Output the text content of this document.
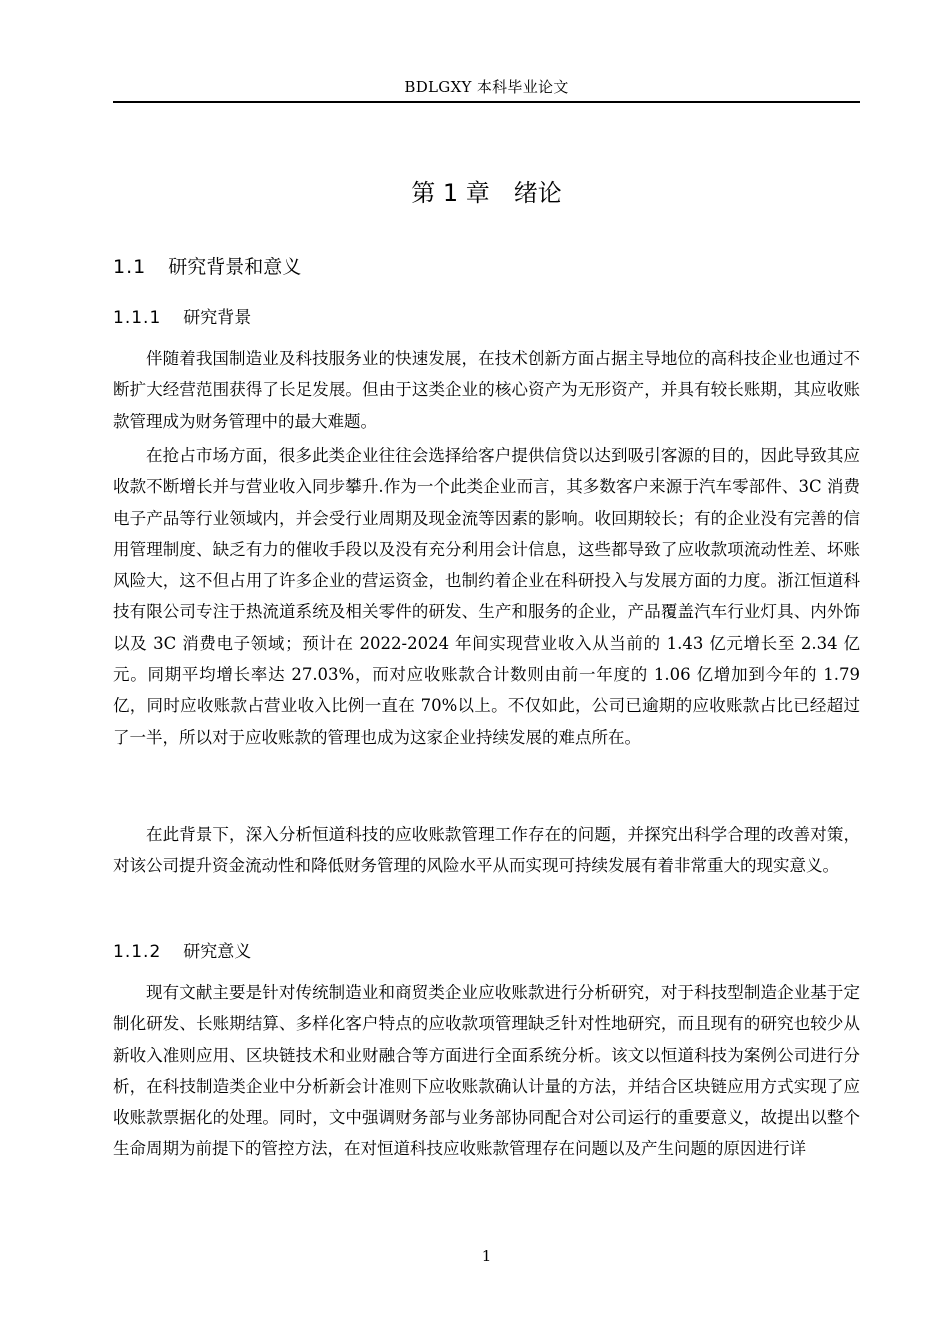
BDLGXY 本科毕业论文
第 1 章　绪论
1.1 研究背景和意义
1.1.1 研究背景

伴随着我国制造业及科技服务业的快速发展，在技术创新方面占据主导地位的高科技企业也通过不断扩大经营范围获得了长足发展。但由于这类企业的核心资产为无形资产，并具有较长账期，其应收账款管理成为财务管理中的最大难题。

在抢占市场方面，很多此类企业往往会选择给客户提供信贷以达到吸引客源的目的，因此导致其应收款不断增长并与营业收入同步攀升.作为一个此类企业而言，其多数客户来源于汽车零部件、3C 消费电子产品等行业领域内，并会受行业周期及现金流等因素的影响。收回期较长；有的企业没有完善的信用管理制度、缺乏有力的催收手段以及没有充分利用会计信息，这些都导致了应收款项流动性差、坏账风险大，这不但占用了许多企业的营运资金，也制约着企业在科研投入与发展方面的力度。浙江恒道科技有限公司专注于热流道系统及相关零件的研发、生产和服务的企业，产品覆盖汽车行业灯具、内外饰以及 3C 消费电子领域；预计在 2022-2024 年间实现营业收入从当前的 1.43 亿元增长至 2.34 亿元。同期平均增长率达 27.03%，而对应收账款合计数则由前一年度的 1.06 亿增加到今年的 1.79 亿，同时应收账款占营业收入比例一直在 70%以上。不仅如此，公司已逾期的应收账款占比已经超过了一半，所以对于应收账款的管理也成为这家企业持续发展的难点所在。

在此背景下，深入分析恒道科技的应收账款管理工作存在的问题，并探究出科学合理的改善对策，对该公司提升资金流动性和降低财务管理的风险水平从而实现可持续发展有着非常重大的现实意义。

1.1.2 研究意义

现有文献主要是针对传统制造业和商贸类企业应收账款进行分析研究，对于科技型制造企业基于定制化研发、长账期结算、多样化客户特点的应收款项管理缺乏针对性地研究，而且现有的研究也较少从新收入准则应用、区块链技术和业财融合等方面进行全面系统分析。该文以恒道科技为案例公司进行分析，在科技制造类企业中分析新会计准则下应收账款确认计量的方法，并结合区块链应用方式实现了应收账款票据化的处理。同时，文中强调财务部与业务部协同配合对公司运行的重要意义，故提出以整个生命周期为前提下的管控方法，在对恒道科技应收账款管理存在问题以及产生问题的原因进行详

1
